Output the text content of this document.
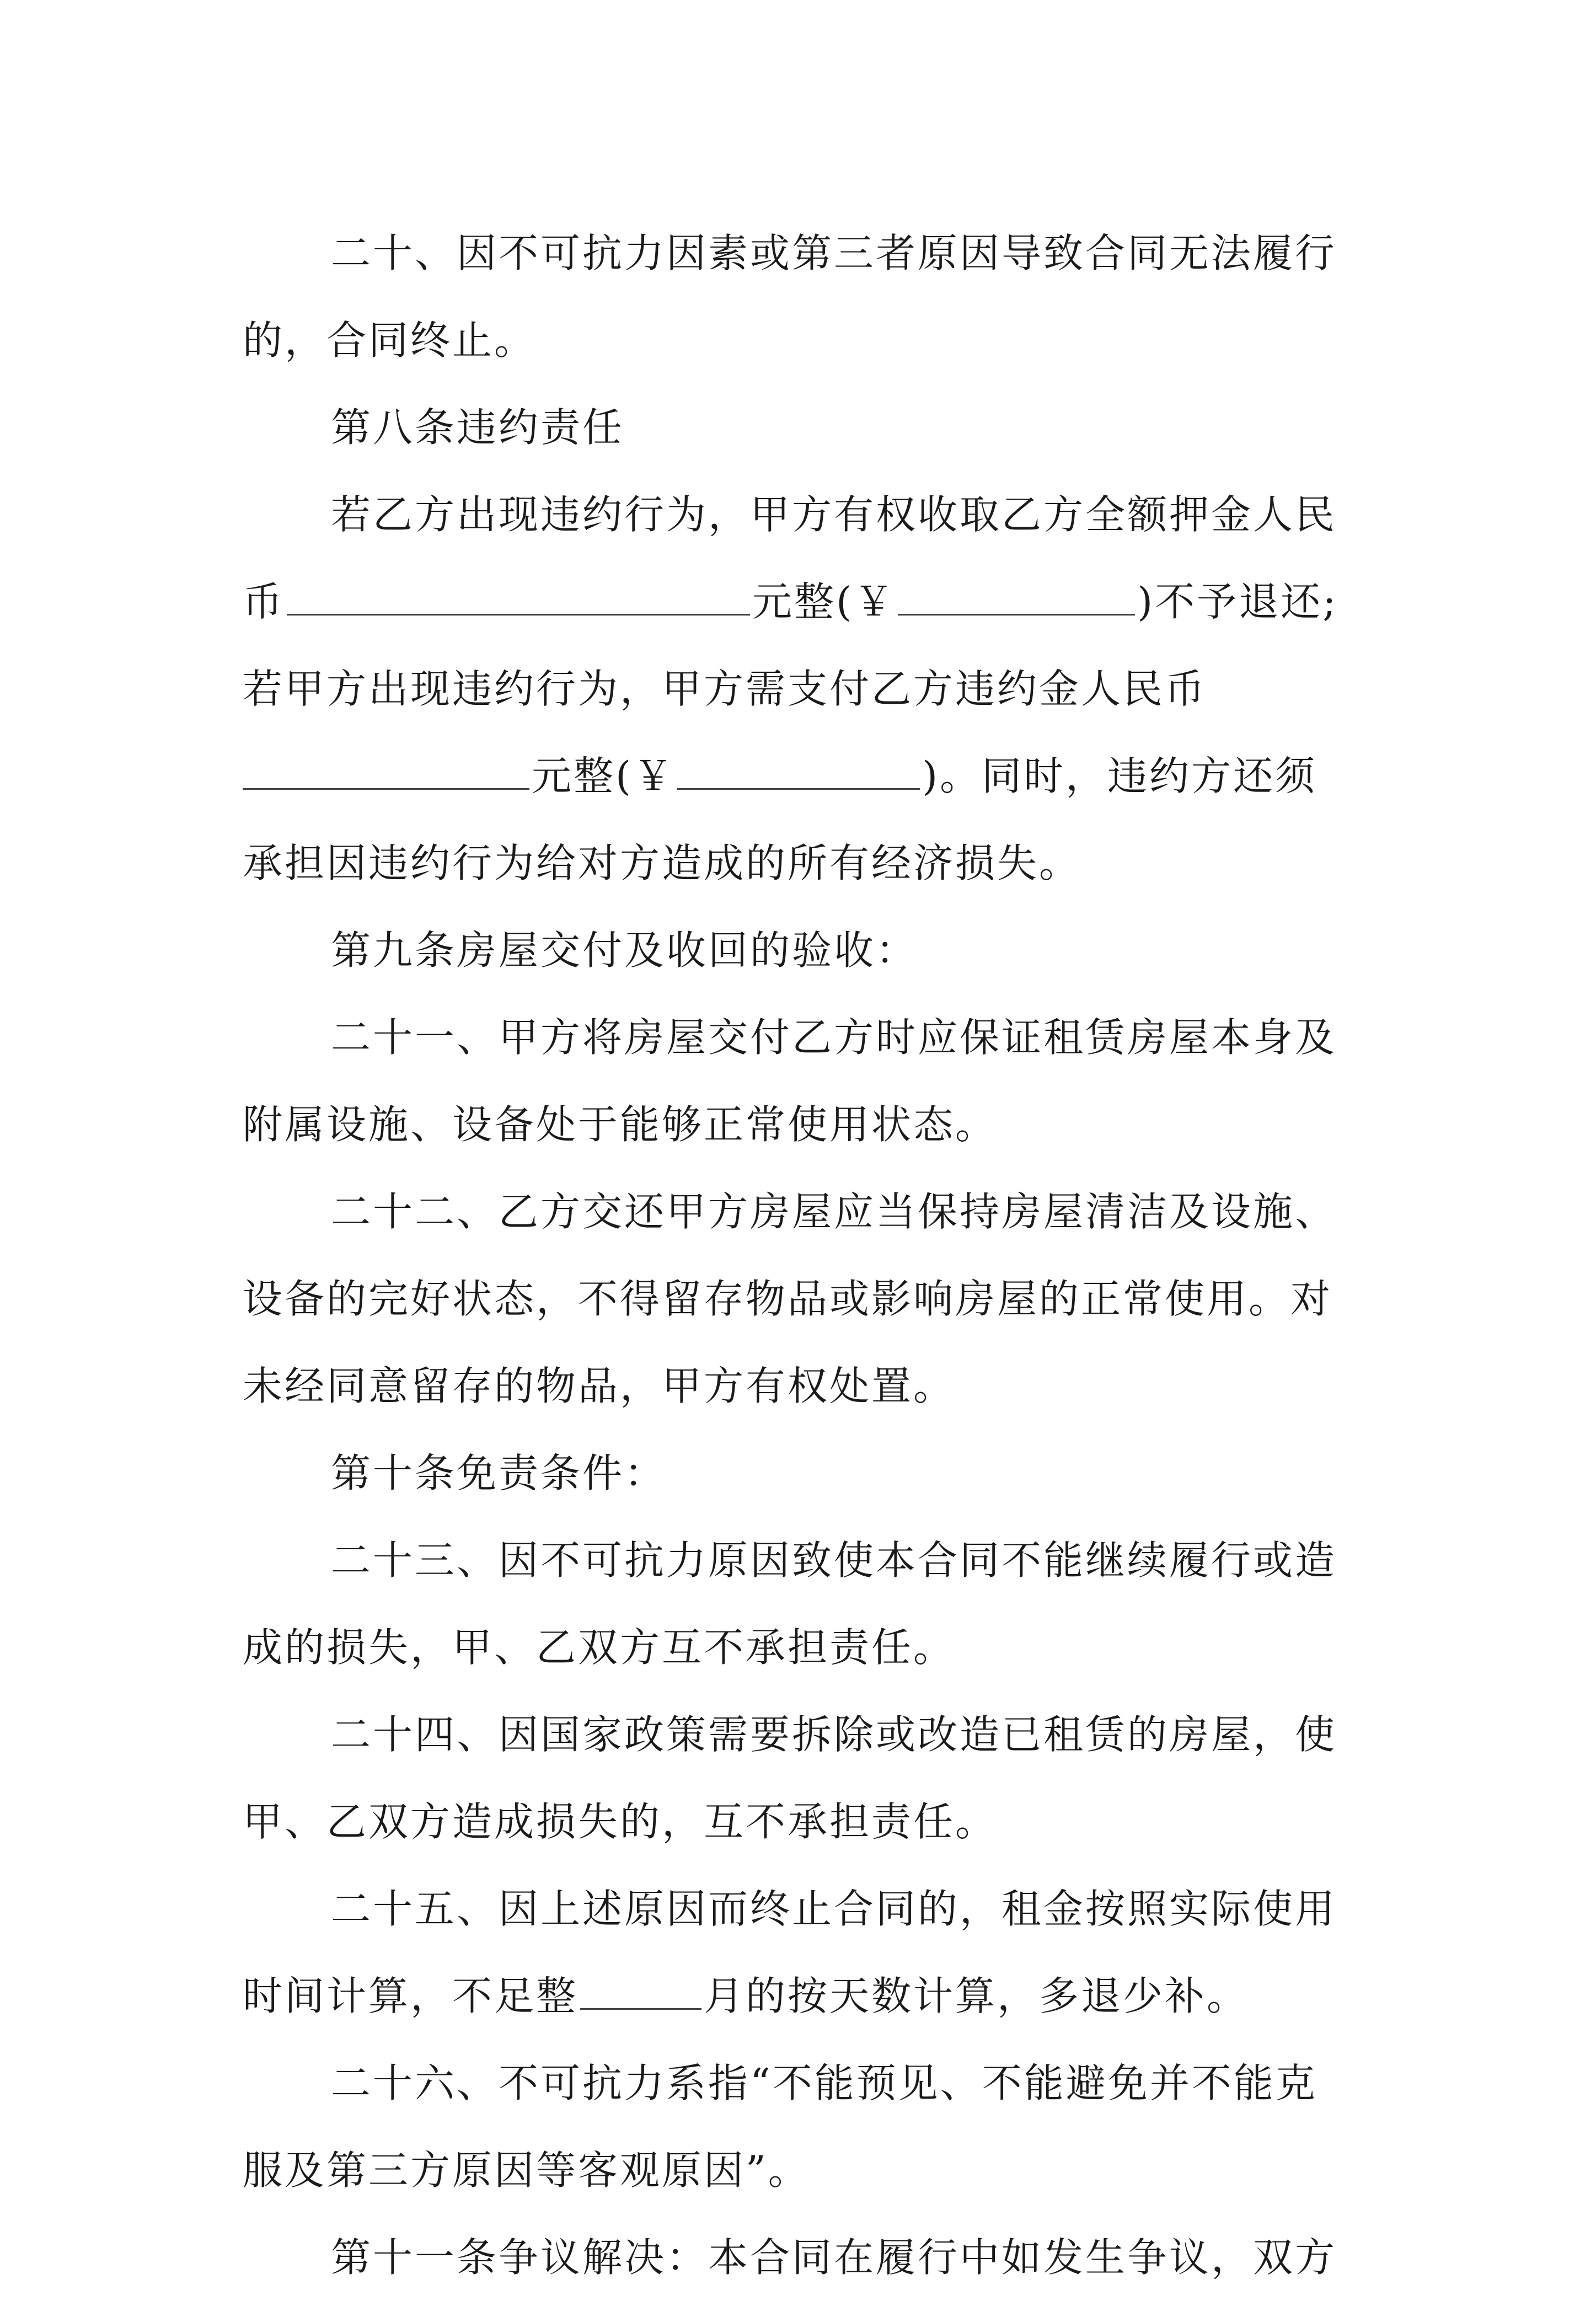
二十、因不可抗力因素或第三者原因导致合同无法履行
的，合同终止。
第八条违约责任
若乙方出现违约行为，甲方有权收取乙方全额押金人民
币	元整(￥	)不予退还;
若甲方出现违约行为，甲方需支付乙方违约金人民币
元整(￥	)。同时，违约方还须
承担因违约行为给对方造成的所有经济损失。
第九条房屋交付及收回的验收：
二十一、甲方将房屋交付乙方时应保证租赁房屋本身及
附属设施、设备处于能够正常使用状态。
二十二、乙方交还甲方房屋应当保持房屋清洁及设施、
设备的完好状态，不得留存物品或影响房屋的正常使用。对
未经同意留存的物品，甲方有权处置。
第十条免责条件：
二十三、因不可抗力原因致使本合同不能继续履行或造
成的损失，甲、乙双方互不承担责任。
二十四、因国家政策需要拆除或改造已租赁的房屋，使
甲、乙双方造成损失的，互不承担责任。
二十五、因上述原因而终止合同的，租金按照实际使用
时间计算，不足整	月的按天数计算，多退少补。
二十六、不可抗力系指“不能预见、不能避免并不能克
服及第三方原因等客观原因”。
第十一条争议解决：本合同在履行中如发生争议，双方
